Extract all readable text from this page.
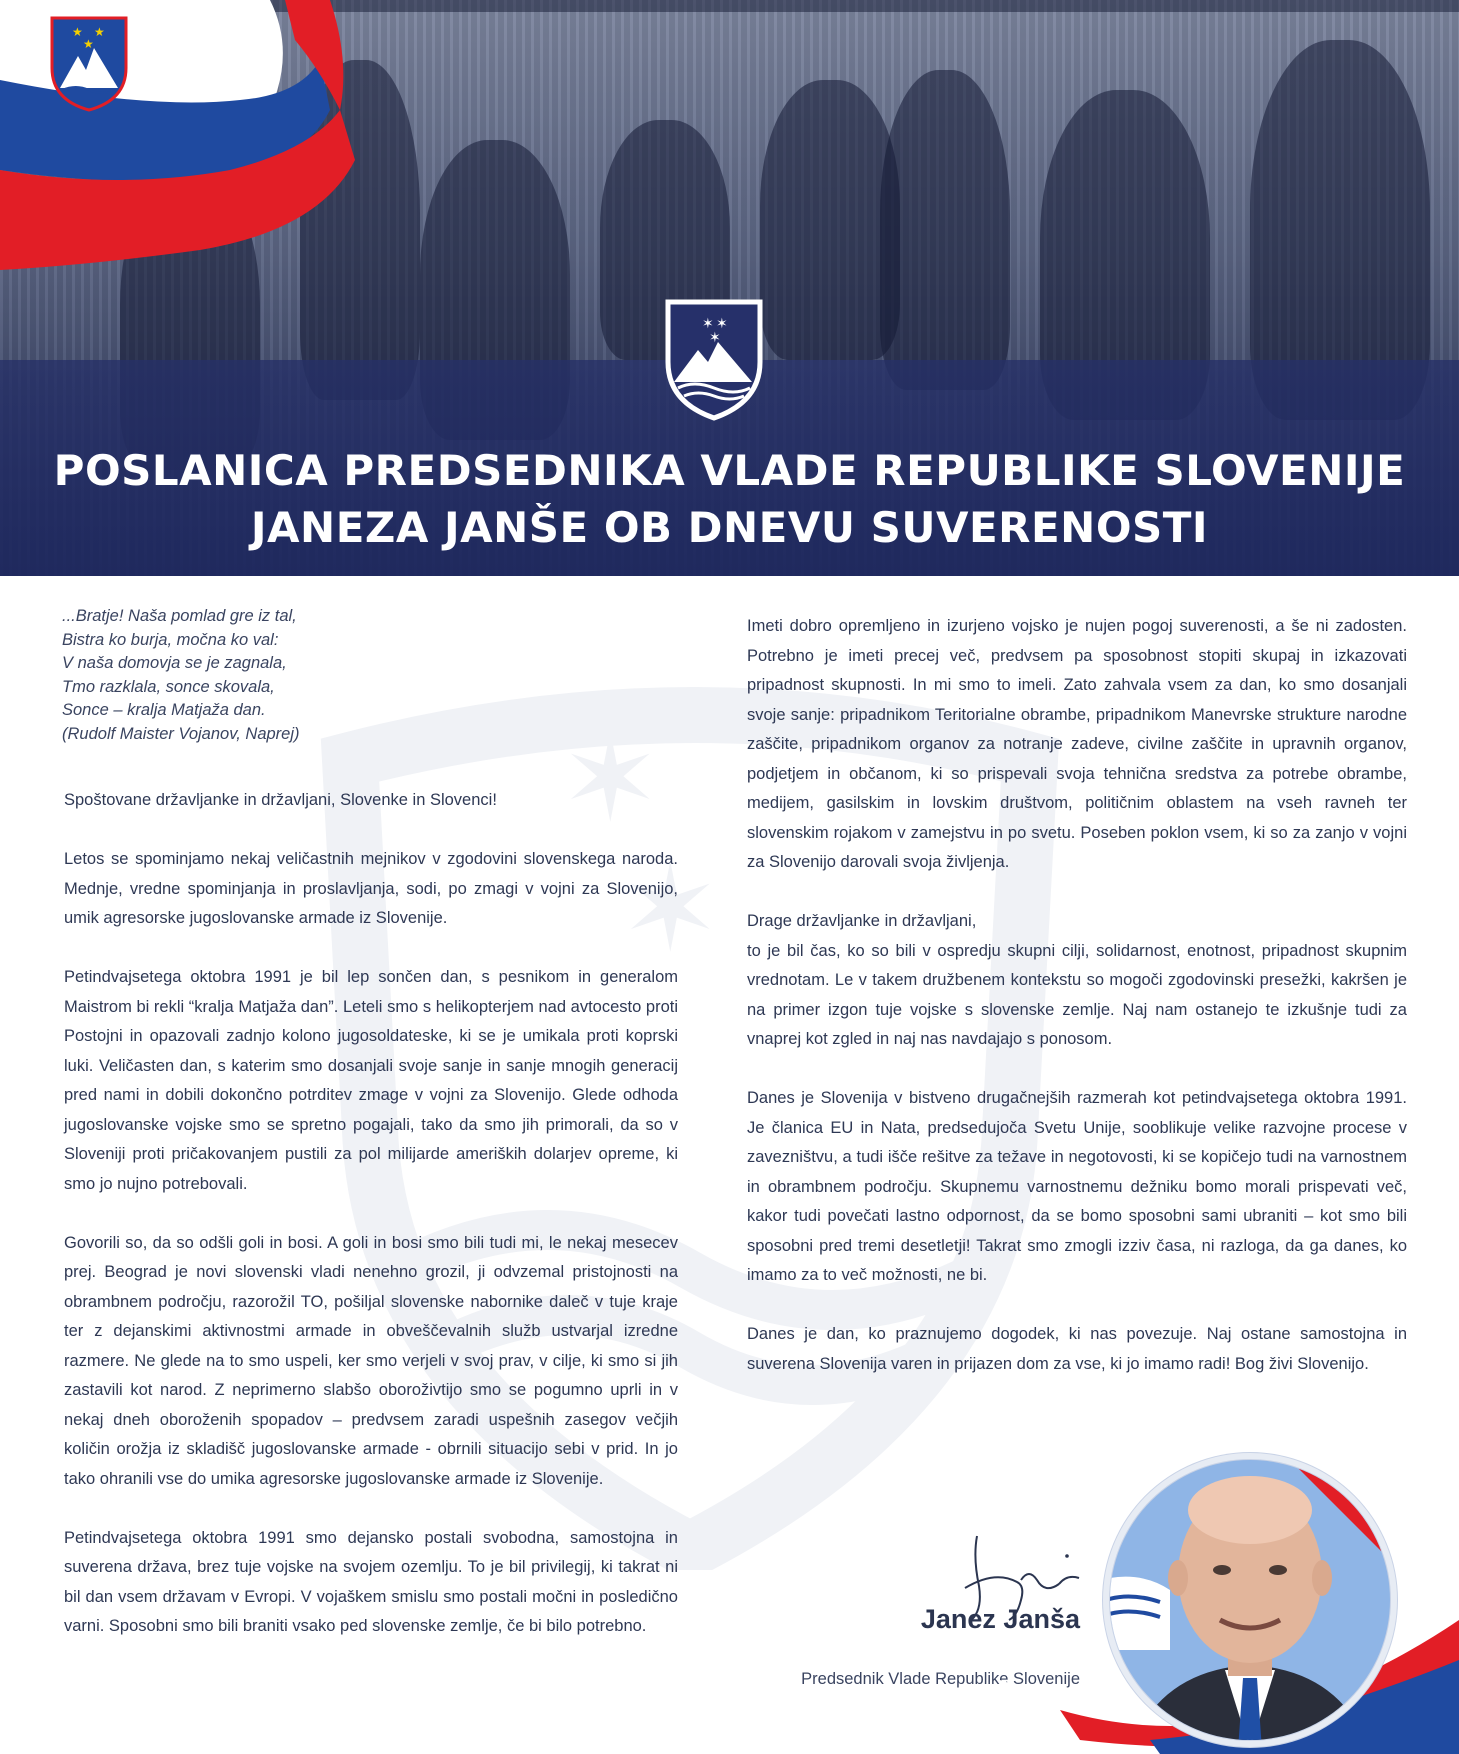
★ ★
★
✶ ✶
✶
POSLANICA PREDSEDNIKA VLADE REPUBLIKE SLOVENIJE
JANEZA JANŠE OB DNEVU SUVERENOSTI
✶
✶

...Bratje! Naša pomlad gre iz tal,

Bistra ko burja, močna ko val:

V naša domovja se je zagnala,

Tmo razklala, sonce skovala,

Sonce – kralja Matjaža dan.

(Rudolf Maister Vojanov, Naprej)

Spoštovane državljanke in državljani, Slovenke in Slovenci!

Letos se spominjamo nekaj veličastnih mejnikov v zgodovini slovenskega naroda. Mednje, vredne spominjanja in proslavljanja, sodi, po zmagi v vojni za Slovenijo, umik agresorske jugoslovanske armade iz Slovenije.

Petindvajsetega oktobra 1991 je bil lep sončen dan, s pesnikom in generalom Maistrom bi rekli “kralja Matjaža dan”. Leteli smo s helikopterjem nad avtocesto proti Postojni in opazovali zadnjo kolono jugosoldateske, ki se je umikala proti koprski luki. Veličasten dan, s katerim smo dosanjali svoje sanje in sanje mnogih generacij pred nami in dobili dokončno potrditev zmage v vojni za Slovenijo. Glede odhoda jugoslovanske vojske smo se spretno pogajali, tako da smo jih primorali, da so v Sloveniji proti pričakovanjem pustili za pol milijarde ameriških dolarjev opreme, ki smo jo nujno potrebovali.

Govorili so, da so odšli goli in bosi. A goli in bosi smo bili tudi mi, le nekaj mesecev prej. Beograd je novi slovenski vladi nenehno grozil, ji odvzemal pristojnosti na obrambnem področju, razorožil TO, pošiljal slovenske nabornike daleč v tuje kraje ter z dejanskimi aktivnostmi armade in obveščevalnih služb ustvarjal izredne razmere. Ne glede na to smo uspeli, ker smo verjeli v svoj prav, v cilje, ki smo si jih zastavili kot narod. Z neprimerno slabšo oboroživtijo smo se pogumno uprli in v nekaj dneh oboroženih spopadov – predvsem zaradi uspešnih zasegov večjih količin orožja iz skladišč jugoslovanske armade - obrnili situacijo sebi v prid. In jo tako ohranili vse do umika agresorske jugoslovanske armade iz Slovenije.

Petindvajsetega oktobra 1991 smo dejansko postali svobodna, samostojna in suverena država, brez tuje vojske na svojem ozemlju. To je bil privilegij, ki takrat ni bil dan vsem državam v Evropi. V vojaškem smislu smo postali močni in posledično varni. Sposobni smo bili braniti vsako ped slovenske zemlje, če bi bilo potrebno.

Imeti dobro opremljeno in izurjeno vojsko je nujen pogoj suverenosti, a še ni zadosten. Potrebno je imeti precej več, predvsem pa sposobnost stopiti skupaj in izkazovati pripadnost skupnosti. In mi smo to imeli. Zato zahvala vsem za dan, ko smo dosanjali svoje sanje: pripadnikom Teritorialne obrambe, pripadnikom Manevrske strukture narodne zaščite, pripadnikom organov za notranje zadeve, civilne zaščite in upravnih organov, podjetjem in občanom, ki so prispevali svoja tehnična sredstva za potrebe obrambe, medijem, gasilskim in lovskim društvom, političnim oblastem na vseh ravneh ter slovenskim rojakom v zamejstvu in po svetu. Poseben poklon vsem, ki so za zanjo v vojni za Slovenijo darovali svoja življenja.

Drage državljanke in državljani,
to je bil čas, ko so bili v ospredju skupni cilji, solidarnost, enotnost, pripadnost skupnim vrednotam. Le v takem družbenem kontekstu so mogoči zgodovinski presežki, kakršen je na primer izgon tuje vojske s slovenske zemlje. Naj nam ostanejo te izkušnje tudi za vnaprej kot zgled in naj nas navdajajo s ponosom.

Danes je Slovenija v bistveno drugačnejših razmerah kot petindvajsetega oktobra 1991. Je članica EU in Nata, predsedujoča Svetu Unije, sooblikuje velike razvojne procese v zavezništvu, a tudi išče rešitve za težave in negotovosti, ki se kopičejo tudi na varnostnem in obrambnem področju. Skupnemu varnostnemu dežniku bomo morali prispevati več, kakor tudi povečati lastno odpornost, da se bomo sposobni sami ubraniti – kot smo bili sposobni pred tremi desetletji! Takrat smo zmogli izziv časa, ni razloga, da ga danes, ko imamo za to več možnosti, ne bi.

Danes je dan, ko praznujemo dogodek, ki nas povezuje. Naj ostane samostojna in suverena Slovenija varen in prijazen dom za vse, ki jo imamo radi! Bog živi Slovenijo.

Janez Janša
Predsednik Vlade Republike Slovenije
